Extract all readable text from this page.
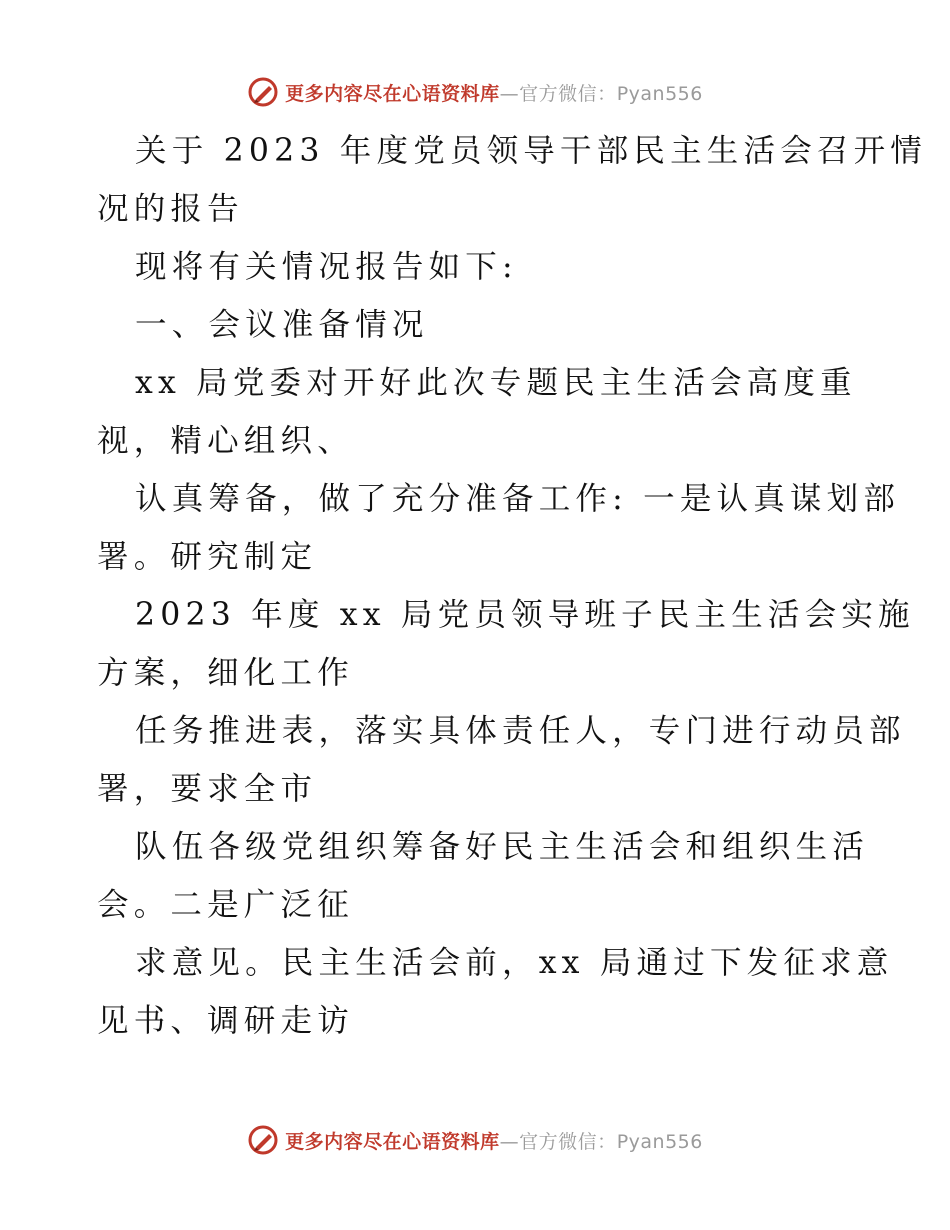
更多内容尽在心语资料库—官方微信：Pyan556
关于 2023 年度党员领导干部民主生活会召开情
况的报告
现将有关情况报告如下:
一、会议准备情况
xx 局党委对开好此次专题民主生活会高度重
视，精心组织、
认真筹备，做了充分准备工作: 一是认真谋划部
署。研究制定
2023 年度 xx 局党员领导班子民主生活会实施
方案，细化工作
任务推进表，落实具体责任人，专门进行动员部
署，要求全市
队伍各级党组织筹备好民主生活会和组织生活
会。二是广泛征
求意见。民主生活会前，xx 局通过下发征求意
见书、调研走访
更多内容尽在心语资料库—官方微信：Pyan556
